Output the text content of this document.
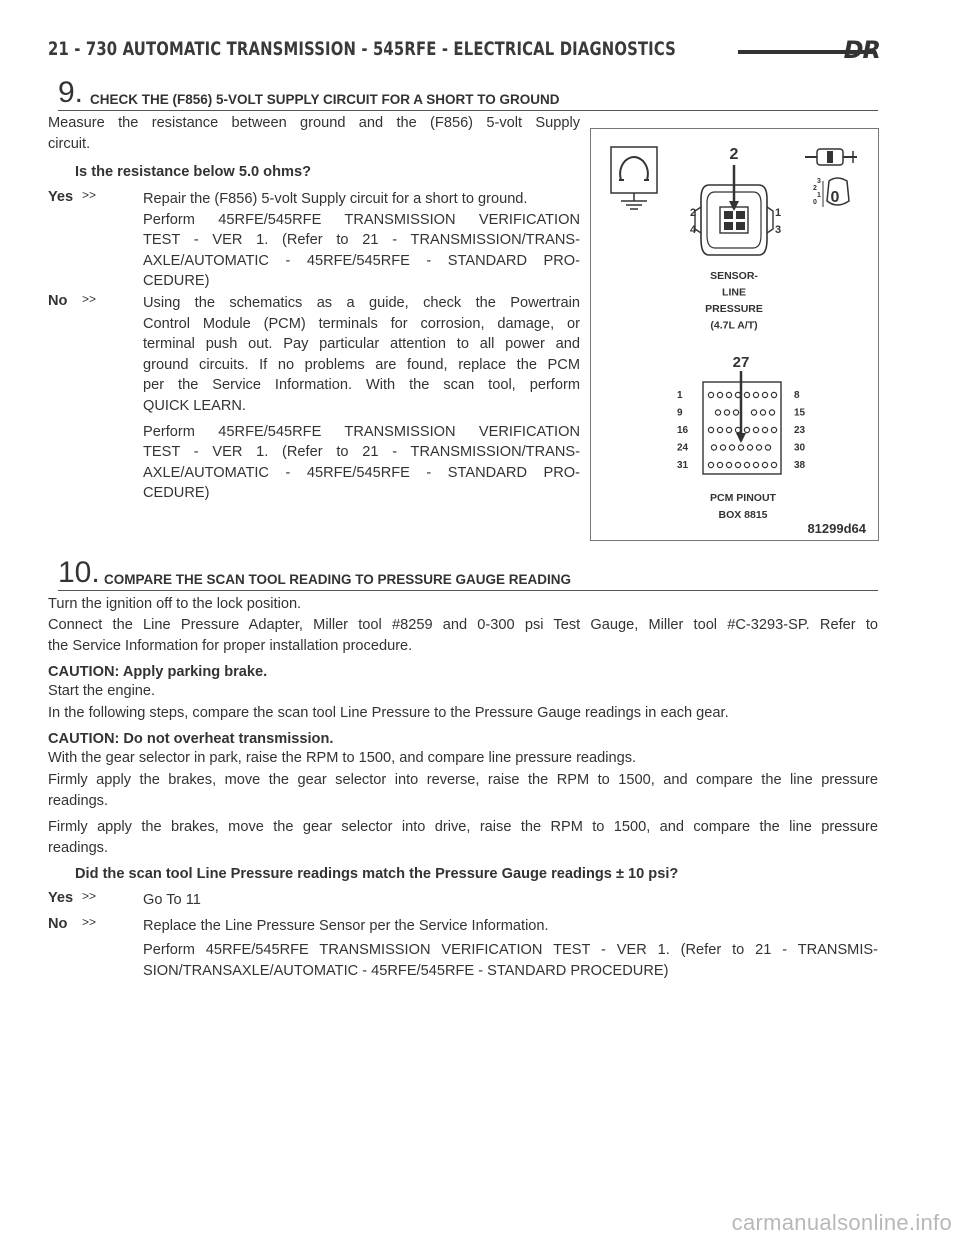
21 - 730 AUTOMATIC TRANSMISSION - 545RFE - ELECTRICAL DIAGNOSTICS	DR
9. CHECK THE (F856) 5-VOLT SUPPLY CIRCUIT FOR A SHORT TO GROUND

Measure the resistance between ground and the (F856) 5-volt Supply

circuit.

Is the resistance below 5.0 ohms?

Yes >>	Repair the (F856) 5-volt Supply circuit for a short to ground.

Perform 45RFE/545RFE TRANSMISSION VERIFICATION

TEST - VER 1. (Refer to 21 - TRANSMISSION/TRANS-

AXLE/AUTOMATIC - 45RFE/545RFE - STANDARD PRO-

CEDURE)

No >>	Using the schematics as a guide, check the Powertrain

Control Module (PCM) terminals for corrosion, damage, or

terminal push out. Pay particular attention to all power and

ground circuits. If no problems are found, replace the PCM

per the Service Information. With the scan tool, perform

QUICK LEARN.

Perform 45RFE/545RFE TRANSMISSION VERIFICATION

TEST - VER 1. (Refer to 21 - TRANSMISSION/TRANS-

AXLE/AUTOMATIC - 45RFE/545RFE - STANDARD PRO-

CEDURE)

0
3
2
1
0
2
2	1
4	3
SENSOR-
LINE
PRESSURE
(4.7L A/T)
27
1
9
16
24
31
8
15
23
30
38
PCM PINOUT
BOX 8815
81299d64
10. COMPARE THE SCAN TOOL READING TO PRESSURE GAUGE READING

Turn the ignition off to the lock position.

Connect the Line Pressure Adapter, Miller tool #8259 and 0-300 psi Test Gauge, Miller tool #C-3293-SP. Refer to

the Service Information for proper installation procedure.

CAUTION: Apply parking brake.

Start the engine.

In the following steps, compare the scan tool Line Pressure to the Pressure Gauge readings in each gear.

CAUTION: Do not overheat transmission.

With the gear selector in park, raise the RPM to 1500, and compare line pressure readings.

Firmly apply the brakes, move the gear selector into reverse, raise the RPM to 1500, and compare the line pressure

readings.

Firmly apply the brakes, move the gear selector into drive, raise the RPM to 1500, and compare the line pressure

readings.

Did the scan tool Line Pressure readings match the Pressure Gauge readings ± 10 psi?

Yes >>	Go To 11

No >>	Replace the Line Pressure Sensor per the Service Information.

Perform 45RFE/545RFE TRANSMISSION VERIFICATION TEST - VER 1. (Refer to 21 - TRANSMIS-

SION/TRANSAXLE/AUTOMATIC - 45RFE/545RFE - STANDARD PROCEDURE)

carmanualsonline.info
